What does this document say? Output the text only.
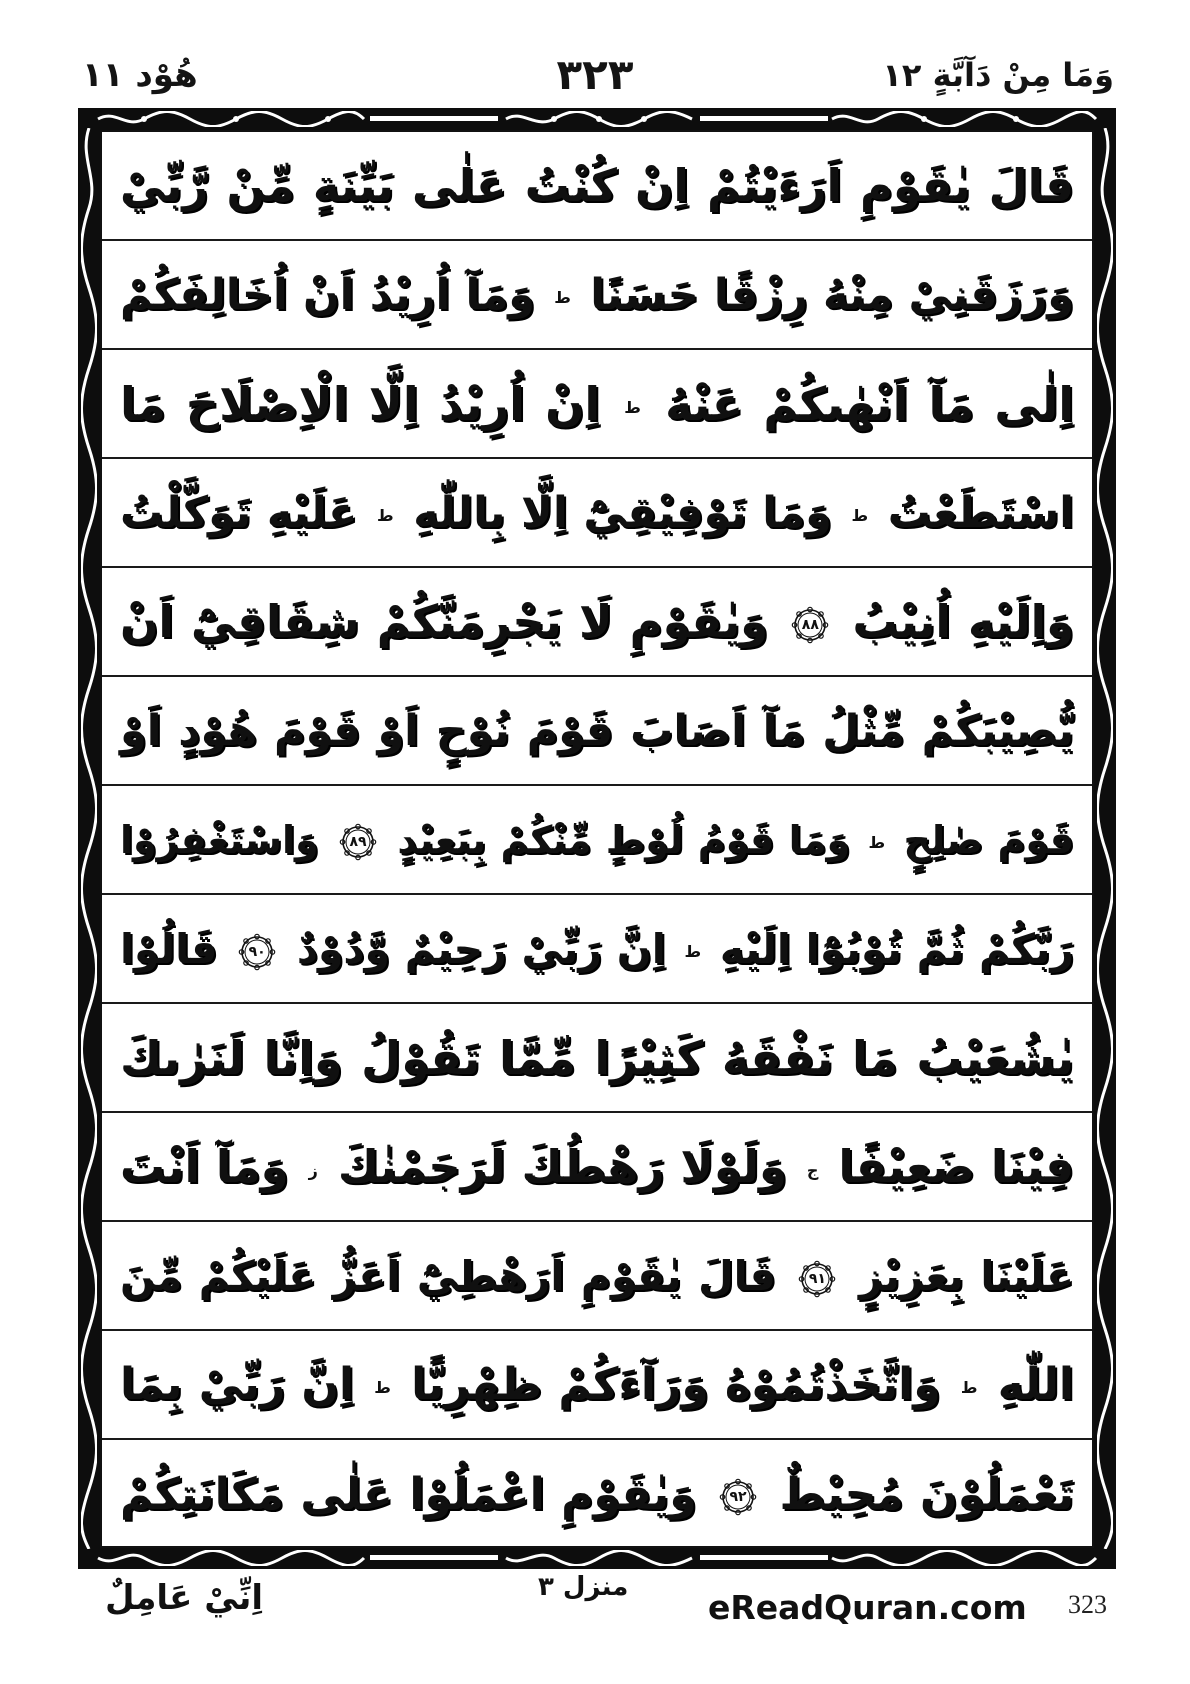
هُوْد ١١	٣٢٣	وَمَا مِنْ دَآبَّةٍ ١٢
قَالَ يٰقَوْمِ اَرَءَيْتُمْ اِنْ كُنْتُ عَلٰى بَيِّنَةٍ مِّنْ رَّبِّيْ
وَرَزَقَنِيْ مِنْهُ رِزْقًا حَسَنًا ط وَمَآ اُرِيْدُ اَنْ اُخَالِفَكُمْ
اِلٰى مَآ اَنْهٰىكُمْ عَنْهُ ط اِنْ اُرِيْدُ اِلَّا الْاِصْلَاحَ مَا
اسْتَطَعْتُ ط وَمَا تَوْفِيْقِيْٓ اِلَّا بِاللّٰهِ ط عَلَيْهِ تَوَكَّلْتُ
وَاِلَيْهِ اُنِيْبُ
٨٨
وَيٰقَوْمِ لَا يَجْرِمَنَّكُمْ شِقَاقِيْٓ اَنْ
يُّصِيْبَكُمْ مِّثْلُ مَآ اَصَابَ قَوْمَ نُوْحٍ اَوْ قَوْمَ هُوْدٍ اَوْ
قَوْمَ صٰلِحٍ ط وَمَا قَوْمُ لُوْطٍ مِّنْكُمْ بِبَعِيْدٍ
٨٩
وَاسْتَغْفِرُوْا
رَبَّكُمْ ثُمَّ تُوْبُوْٓا اِلَيْهِ ط اِنَّ رَبِّيْ رَحِيْمٌ وَّدُوْدٌ
٩٠
قَالُوْا
يٰشُعَيْبُ مَا نَفْقَهُ كَثِيْرًا مِّمَّا تَقُوْلُ وَاِنَّا لَنَرٰىكَ
فِيْنَا ضَعِيْفًا ج وَلَوْلَا رَهْطُكَ لَرَجَمْنٰكَ ز وَمَآ اَنْتَ
عَلَيْنَا بِعَزِيْزٍ
٩١
قَالَ يٰقَوْمِ اَرَهْطِيْٓ اَعَزُّ عَلَيْكُمْ مِّنَ
اللّٰهِ ط وَاتَّخَذْتُمُوْهُ وَرَآءَكُمْ ظِهْرِيًّا ط اِنَّ رَبِّيْ بِمَا
تَعْمَلُوْنَ مُحِيْطٌ
٩٢
وَيٰقَوْمِ اعْمَلُوْا عَلٰى مَكَانَتِكُمْ
اِنِّيْ عَامِلٌ	منزل ٣
eReadQuran.com 323
